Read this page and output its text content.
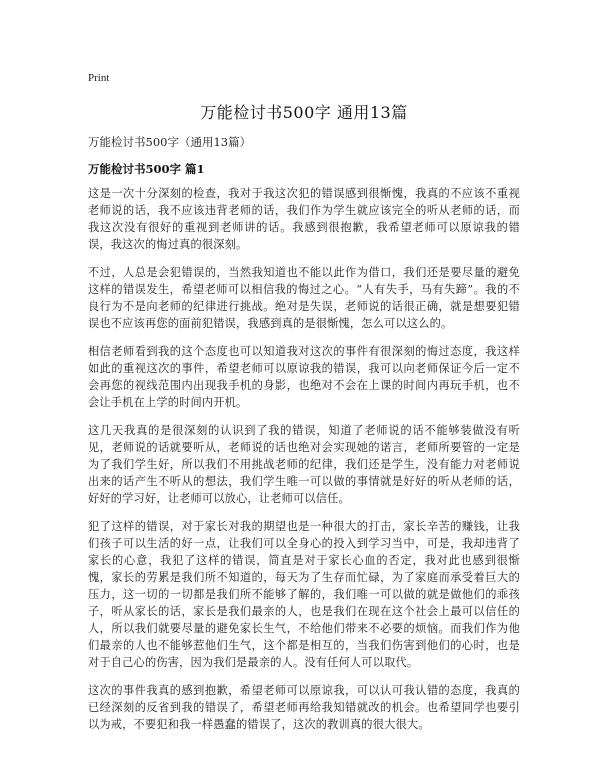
Print
万能检讨书500字 通用13篇
万能检讨书500字（通用13篇）
万能检讨书500字 篇1

这是一次十分深刻的检查，我对于我这次犯的错误感到很惭愧，我真的不应该不重视老师说的话，我不应该违背老师的话，我们作为学生就应该完全的听从老师的话，而我这次没有很好的重视到老师讲的话。我感到很抱歉，我希望老师可以原谅我的错误，我这次的悔过真的很深刻。

不过，人总是会犯错误的，当然我知道也不能以此作为借口，我们还是要尽量的避免这样的错误发生，希望老师可以相信我的悔过之心。“人有失手，马有失蹄”。我的不良行为不是向老师的纪律进行挑战。绝对是失误，老师说的话很正确，就是想要犯错误也不应该再您的面前犯错误，我感到真的是很惭愧，怎么可以这么的。

相信老师看到我的这个态度也可以知道我对这次的事件有很深刻的悔过态度，我这样如此的重视这次的事件，希望老师可以原谅我的错误，我可以向老师保证今后一定不会再您的视线范围内出现我手机的身影，也绝对不会在上课的时间内再玩手机，也不会让手机在上学的时间内开机。

这几天我真的是很深刻的认识到了我的错误，知道了老师说的话不能够装做没有听见，老师说的话就要听从，老师说的话也绝对会实现她的诺言，老师所要管的一定是为了我们学生好，所以我们不用挑战老师的纪律，我们还是学生，没有能力对老师说出来的话产生不听从的想法，我们学生唯一可以做的事情就是好好的听从老师的话，好好的学习好，让老师可以放心，让老师可以信任。

犯了这样的错误，对于家长对我的期望也是一种很大的打击，家长辛苦的赚钱，让我们孩子可以生活的好一点，让我们可以全身心的投入到学习当中，可是，我却违背了家长的心意，我犯了这样的错误，简直是对于家长心血的否定，我对此也感到很惭愧，家长的劳累是我们所不知道的，每天为了生存而忙碌，为了家庭而承受着巨大的压力，这一切的一切都是我们所不能够了解的，我们唯一可以做的就是做他们的乖孩子，听从家长的话，家长是我们最亲的人，也是我们在现在这个社会上最可以信任的人，所以我们就要尽量的避免家长生气，不给他们带来不必要的烦恼。而我们作为他们最亲的人也不能够惹他们生气，这个都是相互的，当我们伤害到他们的心时，也是对于自己心的伤害，因为我们是最亲的人。没有任何人可以取代。

这次的事件我真的感到抱歉，希望老师可以原谅我，可以认可我认错的态度，我真的已经深刻的反省到我的错误了，希望老师再给我知错就改的机会。也希望同学也要引以为戒，不要犯和我一样愚蠢的错误了，这次的教训真的很大很大。
